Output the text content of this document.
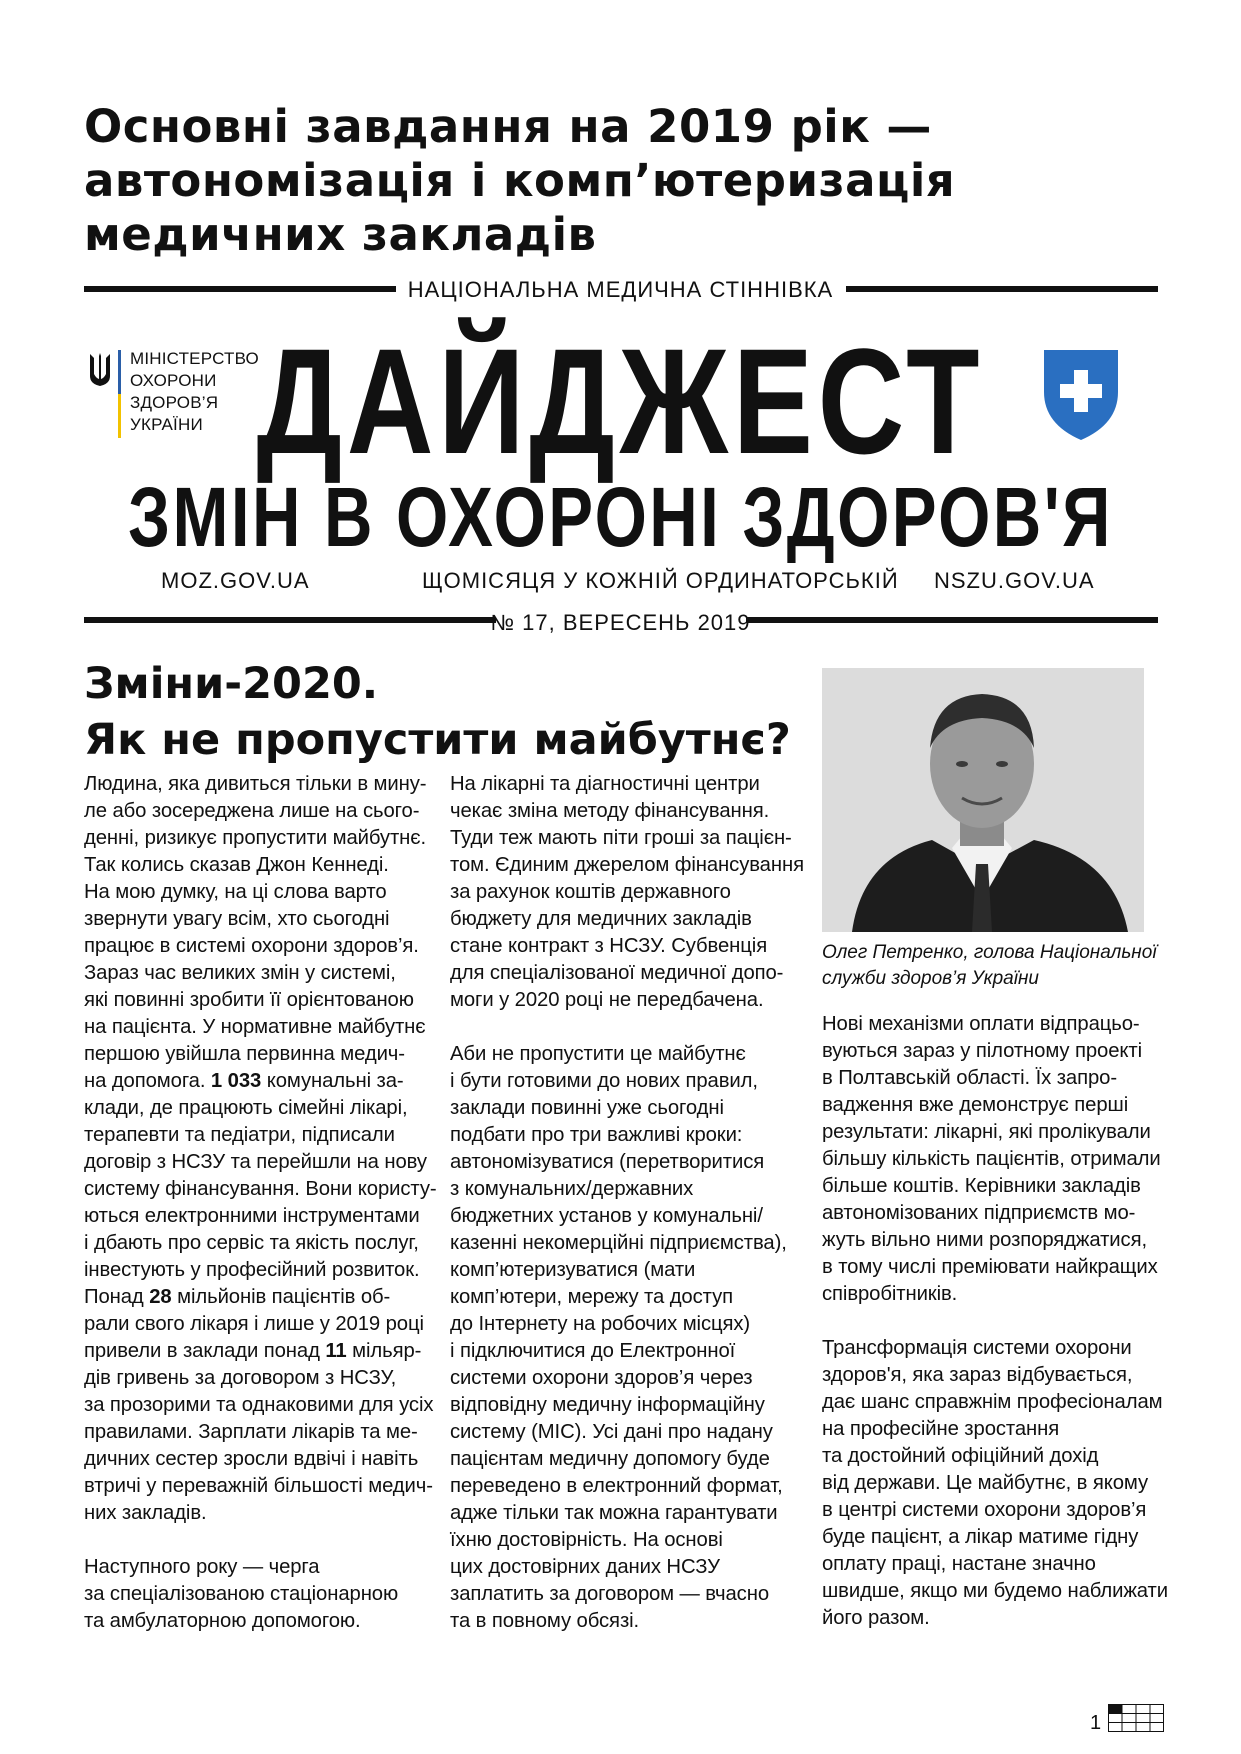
Основні завдання на 2019 рік —
автономізація і комп’ютеризація
медичних закладів
НАЦІОНАЛЬНА МЕДИЧНА СТІННІВКА
МІНІСТЕРСТВО
ОХОРОНИ
ЗДОРОВ’Я
УКРАЇНИ ДАЙДЖЕСТ
ЗМІН В ОХОРОНІ ЗДОРОВ'Я
MOZ.GOV.UA	ЩОМІСЯЦЯ У КОЖНІЙ ОРДИНАТОРСЬКІЙ NSZU.GOV.UA
№ 17, ВЕРЕСЕНЬ 2019
Зміни-2020.
Як не пропустити майбутнє?
Олег Петренко, голова Національної
служби здоров’я України

Людина, яка дивиться тільки в мину-
ле або зосереджена лише на сього-
денні, ризикує пропустити майбутнє.
Так колись сказав Джон Кеннеді.
На мою думку, на ці слова варто
звернути увагу всім, хто сьогодні
працює в системі охорони здоров’я.
Зараз час великих змін у системі,
які повинні зробити її орієнтованою
на пацієнта. У нормативне майбутнє
першою увійшла первинна медич-
на допомога. 1 033 комунальні за-
клади, де працюють сімейні лікарі,
терапевти та педіатри, підписали
договір з НСЗУ та перейшли на нову
систему фінансування. Вони користу-
ються електронними інструментами
і дбають про сервіс та якість послуг,
інвестують у професійний розвиток.
Понад 28 мільйонів пацієнтів об-
рали свого лікаря і лише у 2019 році
привели в заклади понад 11 мільяр-
дів гривень за договором з НСЗУ,
за прозорими та однаковими для усіх
правилами. Зарплати лікарів та ме-
дичних сестер зросли вдвічі і навіть
втричі у переважній більшості медич-
них закладів.

Наступного року — черга
за спеціалізованою стаціонарною
та амбулаторною допомогою.

На лікарні та діагностичні центри
чекає зміна методу фінансування.
Туди теж мають піти гроші за пацієн-
том. Єдиним джерелом фінансування
за рахунок коштів державного
бюджету для медичних закладів
стане контракт з НСЗУ. Субвенція
для спеціалізованої медичної допо-
моги у 2020 році не передбачена.

Аби не пропустити це майбутнє
і бути готовими до нових правил,
заклади повинні уже сьогодні
подбати про три важливі кроки:
автономізуватися (перетворитися
з комунальних/державних
бюджетних установ у комунальні/
казенні некомерційні підприємства),
комп’ютеризуватися (мати
комп’ютери, мережу та доступ
до Інтернету на робочих місцях)
і підключитися до Електронної
системи охорони здоров’я через
відповідну медичну інформаційну
систему (МІС). Усі дані про надану
пацієнтам медичну допомогу буде
переведено в електронний формат,
адже тільки так можна гарантувати
їхню достовірність. На основі
цих достовірних даних НСЗУ
заплатить за договором — вчасно
та в повному обсязі.

Нові механізми оплати відпрацьо-
вуються зараз у пілотному проекті
в Полтавській області. Їх запро-
вадження вже демонструє перші
результати: лікарні, які пролікували
більшу кількість пацієнтів, отримали
більше коштів. Керівники закладів
автономізованих підприємств мо-
жуть вільно ними розпоряджатися,
в тому числі преміювати найкращих
співробітників.

Трансформація системи охорони
здоров'я, яка зараз відбувається,
дає шанс справжнім професіоналам
на професійне зростання
та достойний офіційний дохід
від держави. Це майбутнє, в якому
в центрі системи охорони здоров’я
буде пацієнт, а лікар матиме гідну
оплату праці, настане значно
швидше, якщо ми будемо наближати
його разом.

1
